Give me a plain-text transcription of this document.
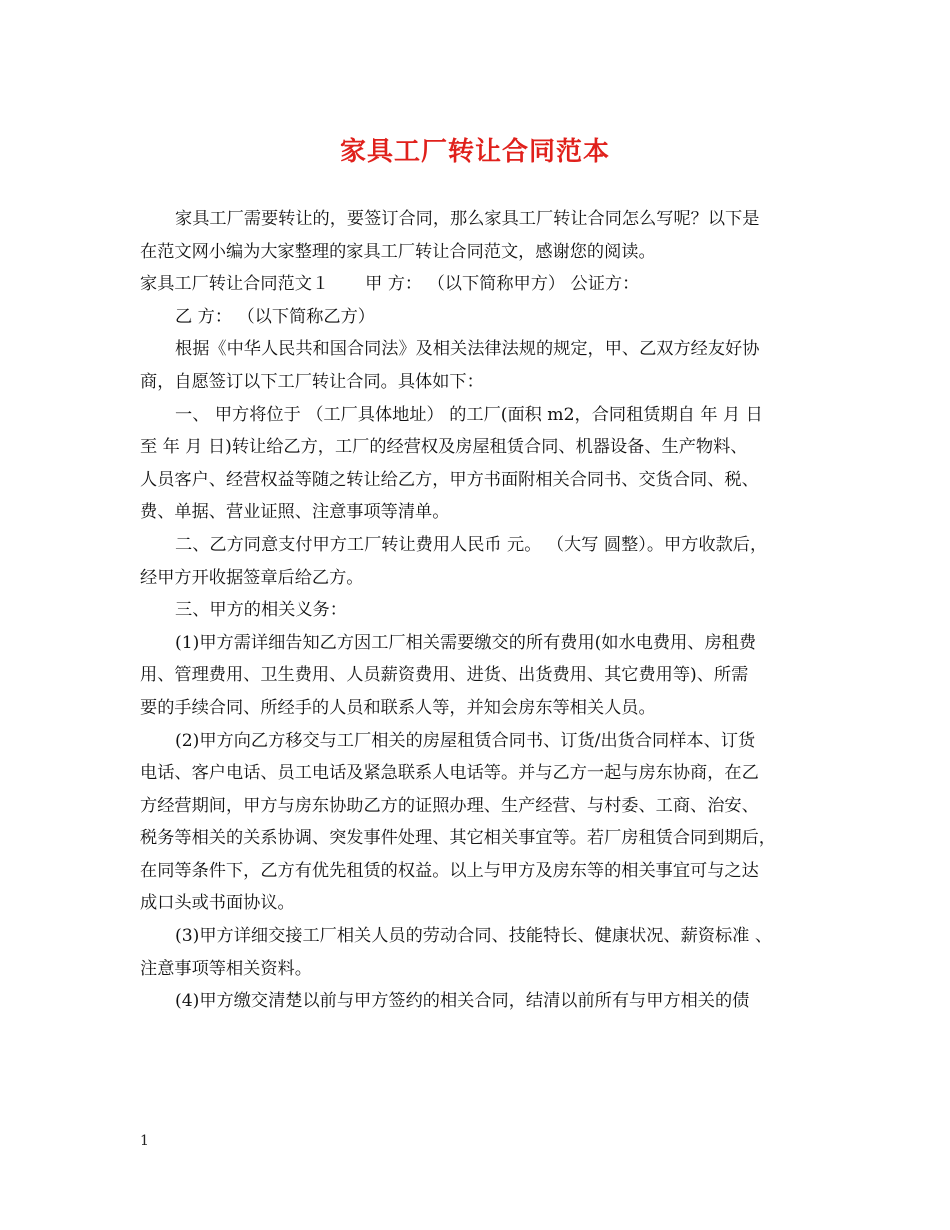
家具工厂转让合同范本
家具工厂需要转让的，要签订合同，那么家具工厂转让合同怎么写呢？以下是
在范文网小编为大家整理的家具工厂转让合同范文，感谢您的阅读。
家具工厂转让合同范文１ 甲 方： （以下简称甲方） 公证方：
乙 方： （以下简称乙方）
根据《中华人民共和国合同法》及相关法律法规的规定，甲、乙双方经友好协
商，自愿签订以下工厂转让合同。具体如下：
一、 甲方将位于 （工厂具体地址） 的工厂(面积 m2，合同租赁期自 年 月 日
至 年 月 日)转让给乙方，工厂的经营权及房屋租赁合同、机器设备、生产物料、
人员客户、经营权益等随之转让给乙方，甲方书面附相关合同书、交货合同、税、
费、单据、营业证照、注意事项等清单。
二、乙方同意支付甲方工厂转让费用人民币 元。 （大写 圆整）。甲方收款后，
经甲方开收据签章后给乙方。
三、甲方的相关义务：
(1)甲方需详细告知乙方因工厂相关需要缴交的所有费用(如水电费用、房租费
用、管理费用、卫生费用、人员薪资费用、进货、出货费用、其它费用等)、所需
要的手续合同、所经手的人员和联系人等，并知会房东等相关人员。
(2)甲方向乙方移交与工厂相关的房屋租赁合同书、订货/出货合同样本、订货
电话、客户电话、员工电话及紧急联系人电话等。并与乙方一起与房东协商，在乙
方经营期间，甲方与房东协助乙方的证照办理、生产经营、与村委、工商、治安、
税务等相关的关系协调、突发事件处理、其它相关事宜等。若厂房租赁合同到期后，
在同等条件下，乙方有优先租赁的权益。以上与甲方及房东等的相关事宜可与之达
成口头或书面协议。
(3)甲方详细交接工厂相关人员的劳动合同、技能特长、健康状况、薪资标准 、
注意事项等相关资料。
(4)甲方缴交清楚以前与甲方签约的相关合同，结清以前所有与甲方相关的债
1
